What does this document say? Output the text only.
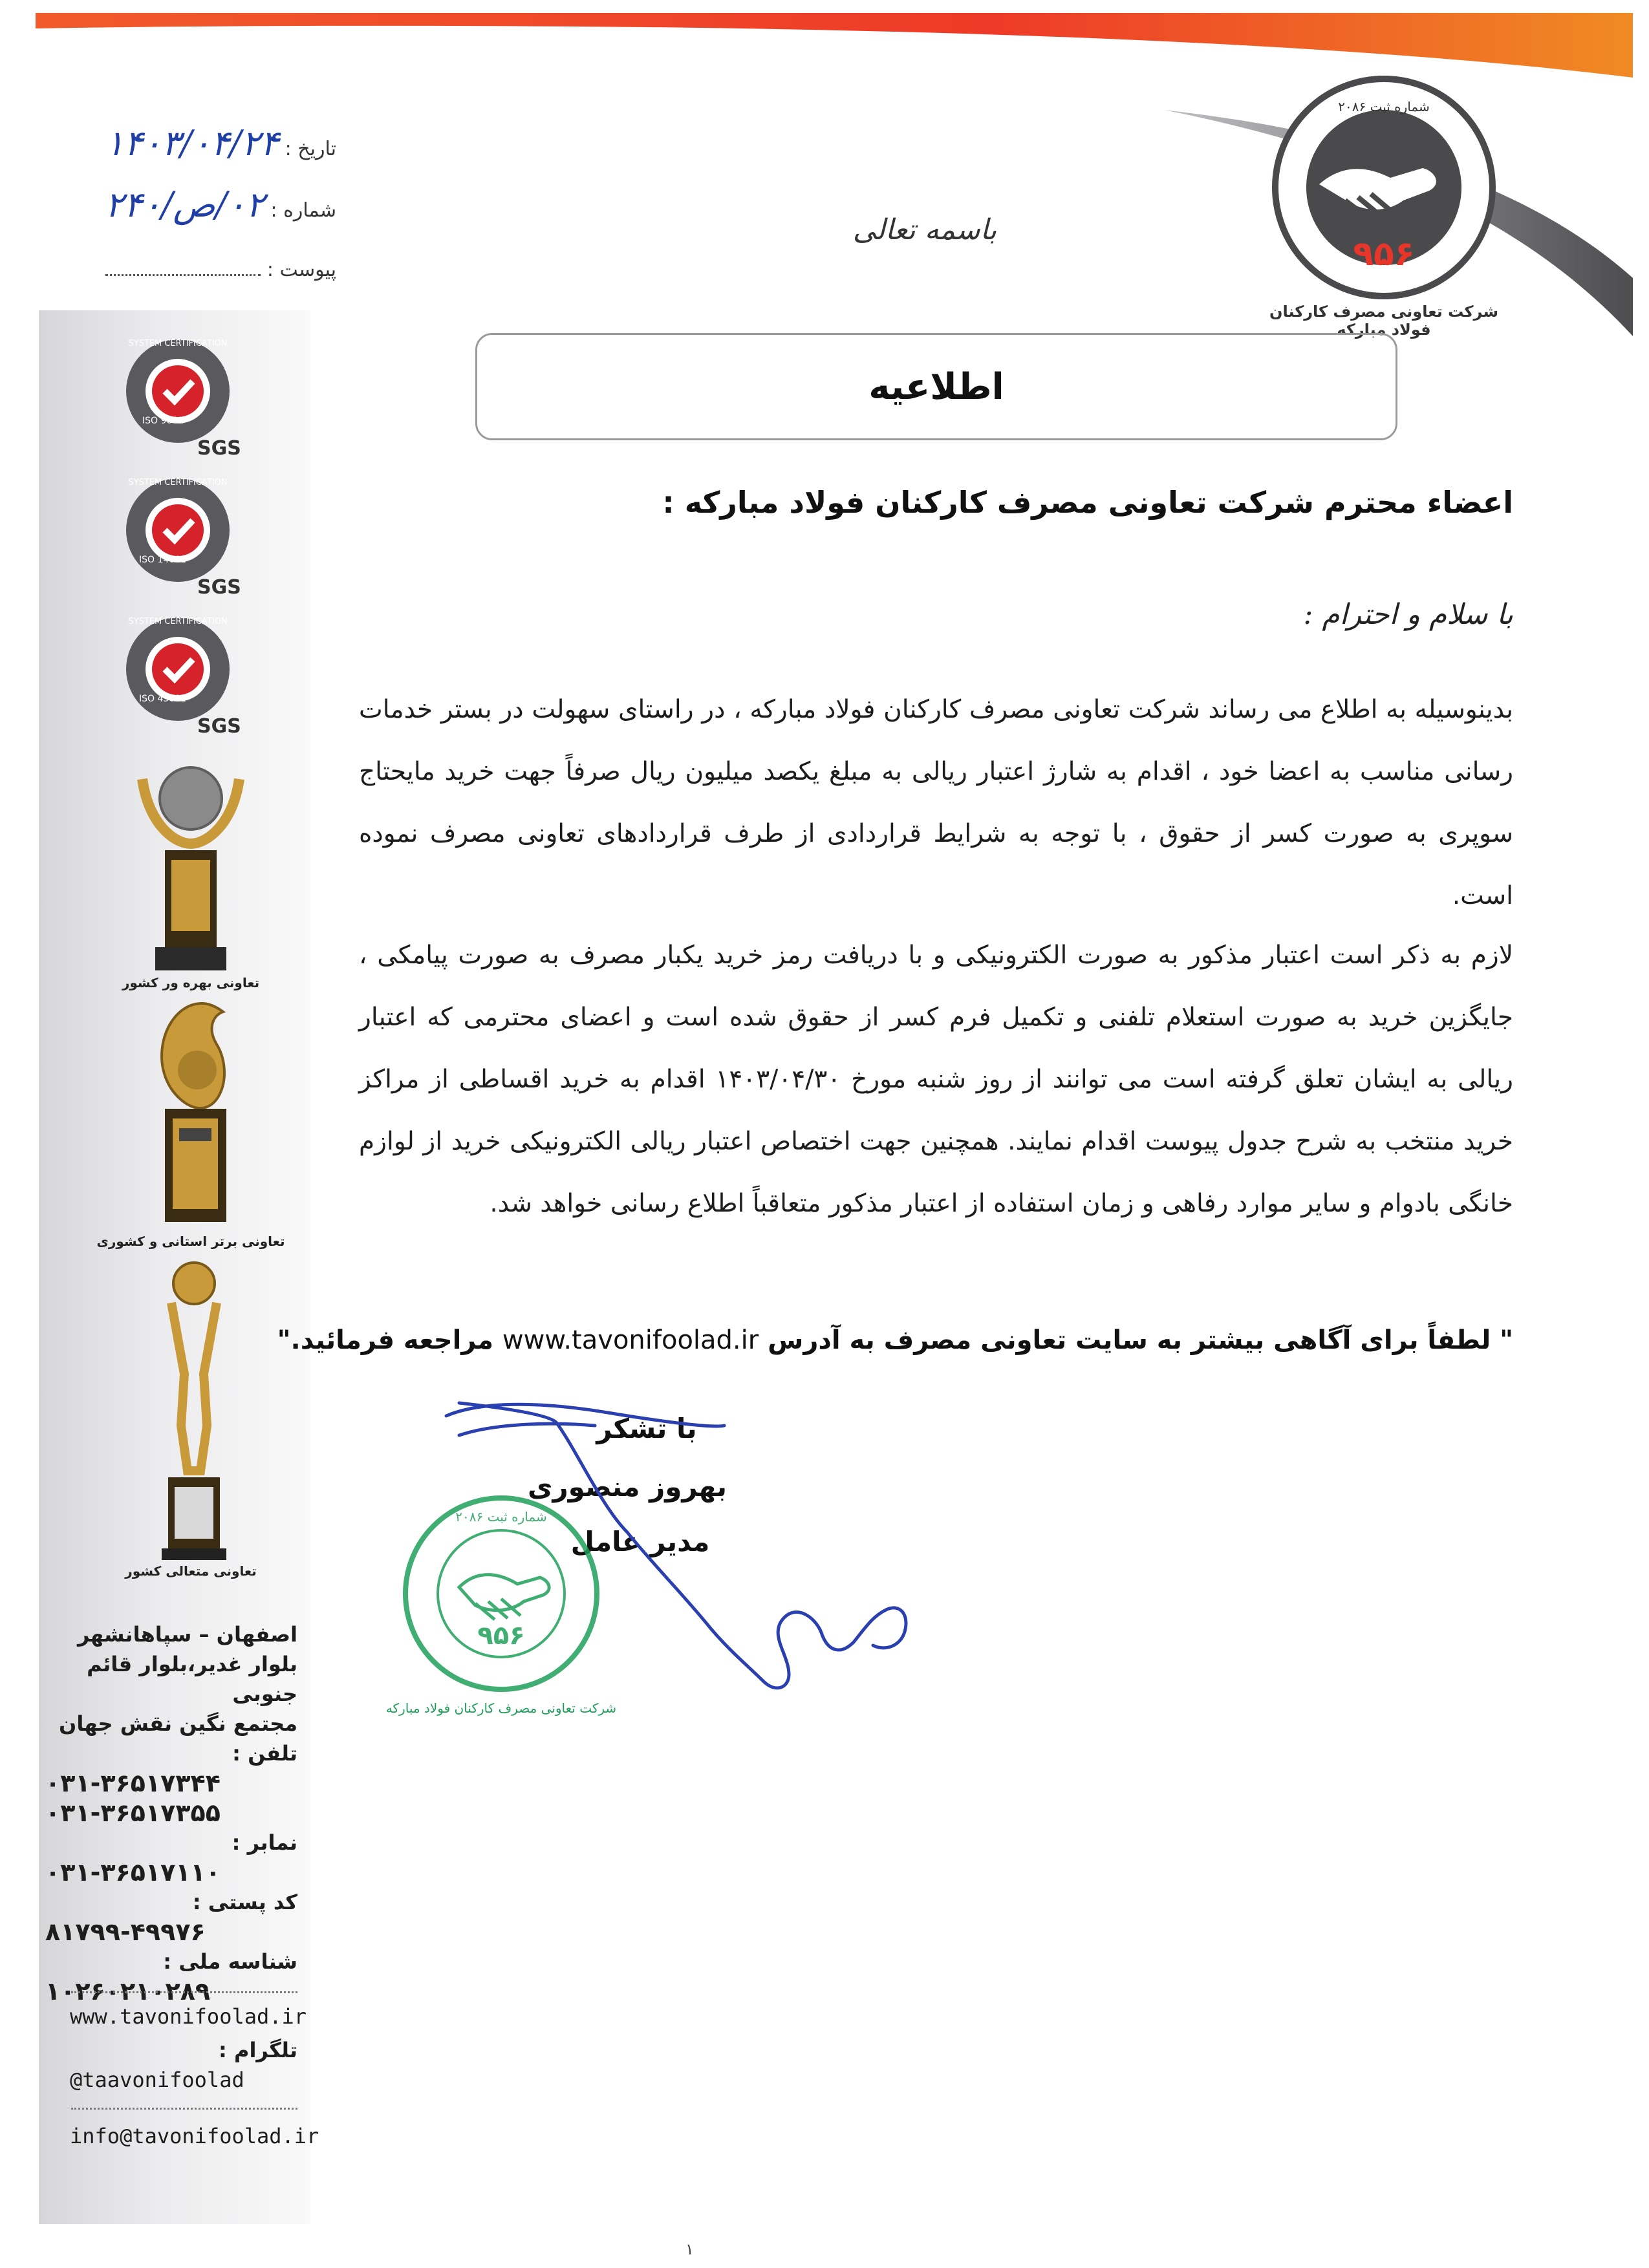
۹۵۶
شماره ثبت ۲۰۸۶
شرکت تعاونی مصرف کارکنان فولاد مبارکه
تاریخ : ۱۴۰۳/۰۴/۲۴
شماره : ۰۲/ص/۲۴۰
پیوست :
SYSTEM CERTIFICATION
ISO 9001
SGS
SYSTEM CERTIFICATION
ISO 14001
SGS
SYSTEM CERTIFICATION
ISO 45001
SGS
تعاونی بهره ور کشور
تعاونی برتر استانی و کشوری
تعاونی متعالی کشور
اصفهان – سپاهانشهر
بلوار غدیر،بلوار قائم جنوبی
مجتمع نگین نقش جهان
تلفن :
۰۳۱-۳۶۵۱۷۳۴۴
۰۳۱-۳۶۵۱۷۳۵۵
نمابر :
۰۳۱-۳۶۵۱۷۱۱۰
کد پستی :
۸۱۷۹۹-۴۹۹۷۶
شناسه ملی :
۱۰۲۶۰۲۱۰۲۸۹
www.tavonifoolad.ir
تلگرام :
@taavonifoolad
info@tavonifoolad.ir
باسمه تعالی
اطلاعیه
اعضاء محترم شرکت تعاونی مصرف کارکنان فولاد مبارکه :
با سلام و احترام :
بدینوسیله به اطلاع می رساند شرکت تعاونی مصرف کارکنان فولاد مبارکه ، در راستای سهولت در بستر خدمات رسانی مناسب به اعضا خود ، اقدام به شارژ اعتبار ریالی به مبلغ یکصد میلیون ریال صرفاً جهت خرید مایحتاج سوپری به صورت کسر از حقوق ، با توجه به شرایط قراردادی از طرف قراردادهای تعاونی مصرف نموده است.
لازم به ذکر است اعتبار مذکور به صورت الکترونیکی و با دریافت رمز خرید یکبار مصرف به صورت پیامکی ، جایگزین خرید به صورت استعلام تلفنی و تکمیل فرم کسر از حقوق شده است و اعضای محترمی که اعتبار ریالی به ایشان تعلق گرفته است می توانند از روز شنبه مورخ ۱۴۰۳/۰۴/۳۰ اقدام به خرید اقساطی از مراکز خرید منتخب به شرح جدول پیوست اقدام نمایند. همچنین جهت اختصاص اعتبار ریالی الکترونیکی خرید از لوازم خانگی بادوام و سایر موارد رفاهی و زمان استفاده از اعتبار مذکور متعاقباً اطلاع رسانی خواهد شد.
" لطفاً برای آگاهی بیشتر به سایت تعاونی مصرف به آدرس www.tavonifoolad.ir مراجعه فرمائید."
با تشکر
بهروز منصوری
مدیر عامل
۹۵۶
شماره ثبت ۲۰۸۶
شرکت تعاونی مصرف کارکنان فولاد مبارکه
۱
